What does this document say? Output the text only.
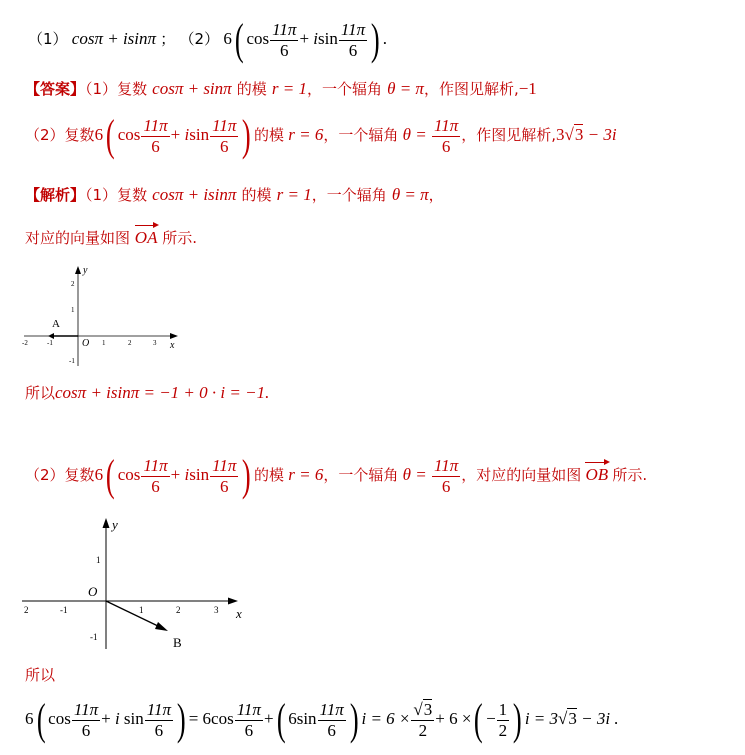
（1） cosπ + isinπ ； （2） 6( $\cos \frac{11\pi}{6} + isin \frac{11\pi}{6}$ ) .
【答案】（1）复数 cosπ + sinπ 的模 r = 1，一个辐角 θ = π，作图见解析,−1
（2）复数6( $\cos \frac{11\pi}{6} + isin \frac{11\pi}{6}$ ) 的模 r = 6，一个辐角 $\theta = \frac{11\pi}{6}$ ，作图见解析,3√3 − 3i
【解析】（1）复数 cosπ + isinπ 的模 r = 1，一个辐角 θ = π，
对应的向量如图 OA 所示.
-2	-1	1	2	3
2
1
-1
y
x
O
A
所以cosπ + isinπ = −1 + 0 · i = −1.
（2）复数6( $\cos \frac{11\pi}{6} + isin \frac{11\pi}{6}$ ) 的模 r = 6，一个辐角 $\theta = \frac{11\pi}{6}$ ，对应的向量如图 OB 所示.
2	-1	1	2	3
1
-1
y
x
O
B
所以
6( $\cos \frac{11\pi}{6} + i$ $\sin \frac{11\pi}{6}$ ) = $6\cos \frac{11\pi}{6}$ +( $6\sin \frac{11\pi}{6}$ ) $i = 6 \times \frac{√3}{2} + 6$ ×( − $\frac{1}{2}$ ) i = 3√3 − 3i .
